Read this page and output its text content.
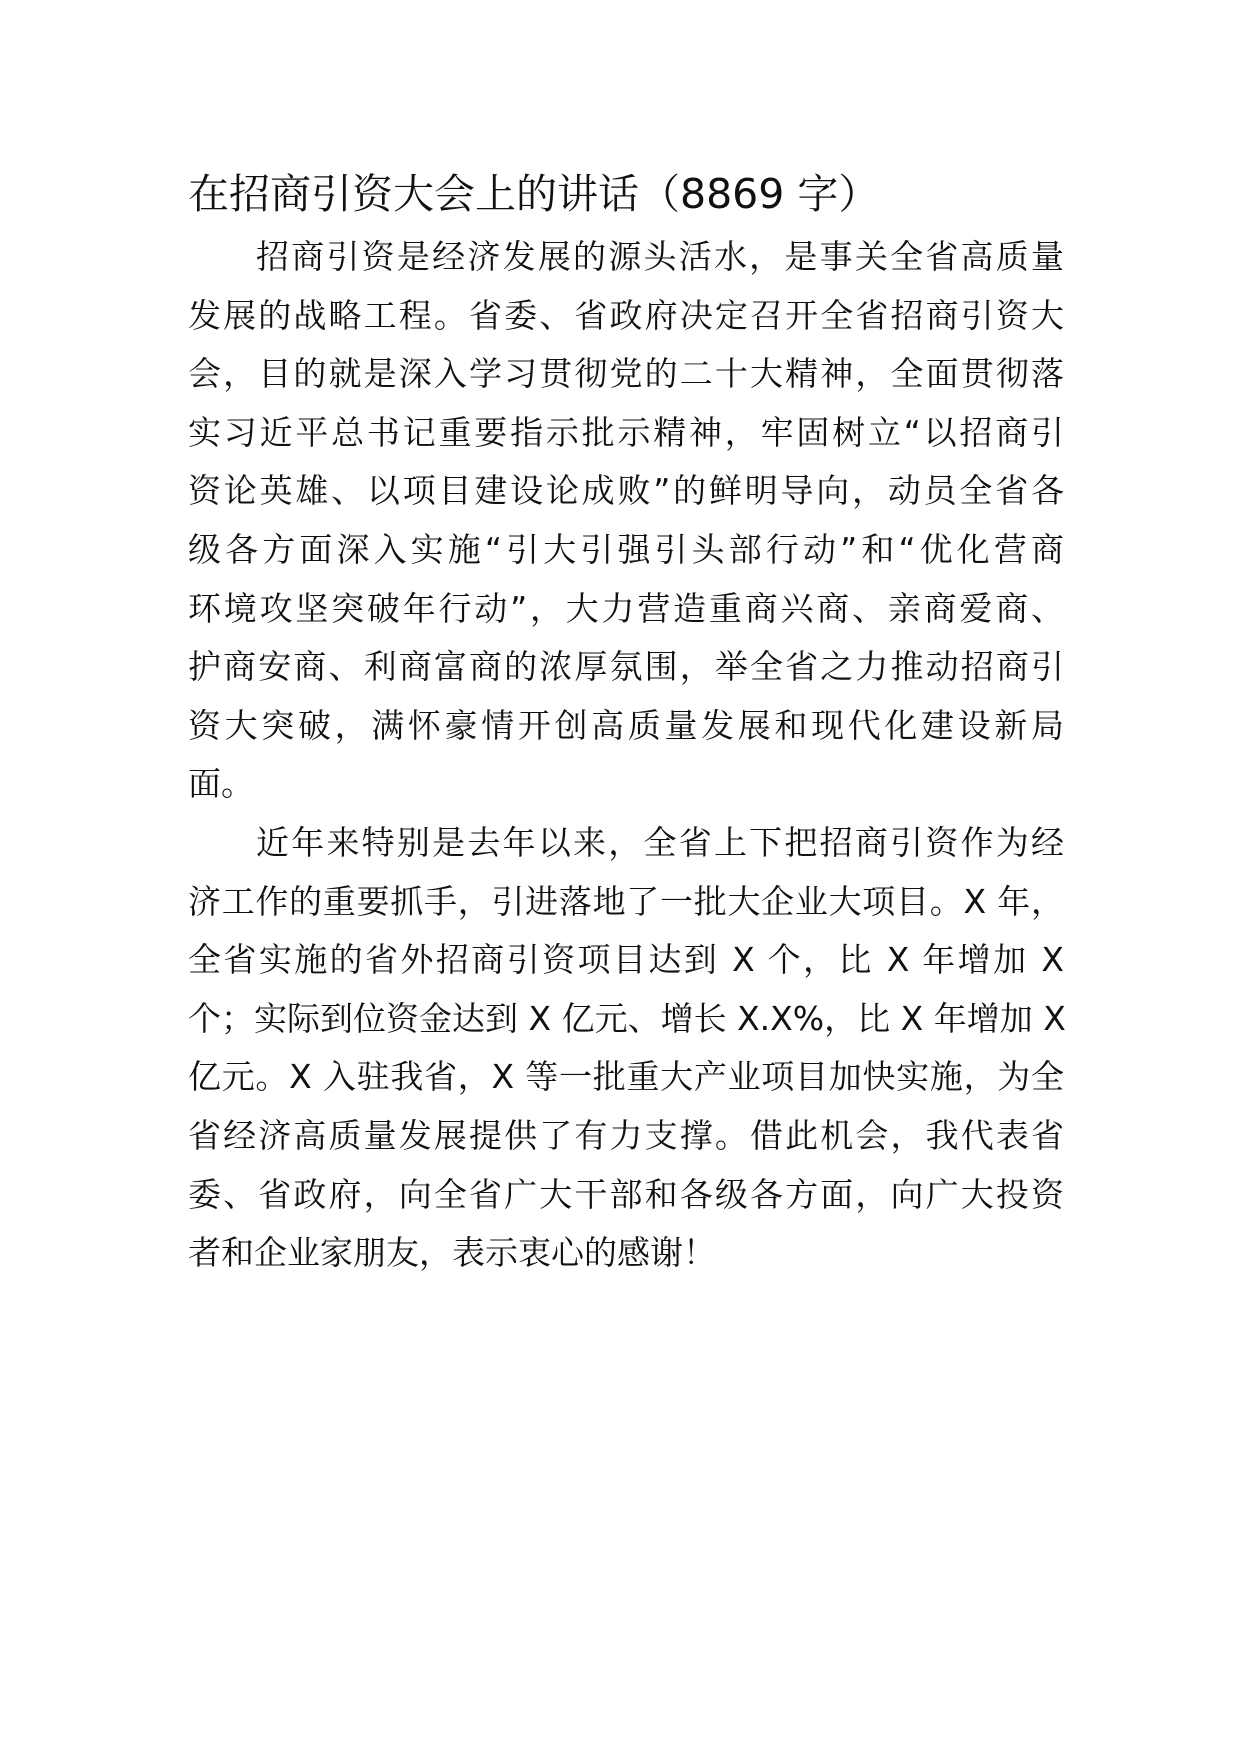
在招商引资大会上的讲话（8869 字）
招商引资是经济发展的源头活水，是事关全省高质量
发展的战略工程。省委、省政府决定召开全省招商引资大
会，目的就是深入学习贯彻党的二十大精神，全面贯彻落
实习近平总书记重要指示批示精神，牢固树立“以招商引
资论英雄、以项目建设论成败”的鲜明导向，动员全省各
级各方面深入实施“引大引强引头部行动”和“优化营商
环境攻坚突破年行动”，大力营造重商兴商、亲商爱商、
护商安商、利商富商的浓厚氛围，举全省之力推动招商引
资大突破，满怀豪情开创高质量发展和现代化建设新局
面。
近年来特别是去年以来，全省上下把招商引资作为经
济工作的重要抓手，引进落地了一批大企业大项目。X 年，
全省实施的省外招商引资项目达到 X 个，比 X 年增加 X
个；实际到位资金达到 X 亿元、增长 X.X%，比 X 年增加 X
亿元。X 入驻我省，X 等一批重大产业项目加快实施，为全
省经济高质量发展提供了有力支撑。借此机会，我代表省
委、省政府，向全省广大干部和各级各方面，向广大投资
者和企业家朋友，表示衷心的感谢！
